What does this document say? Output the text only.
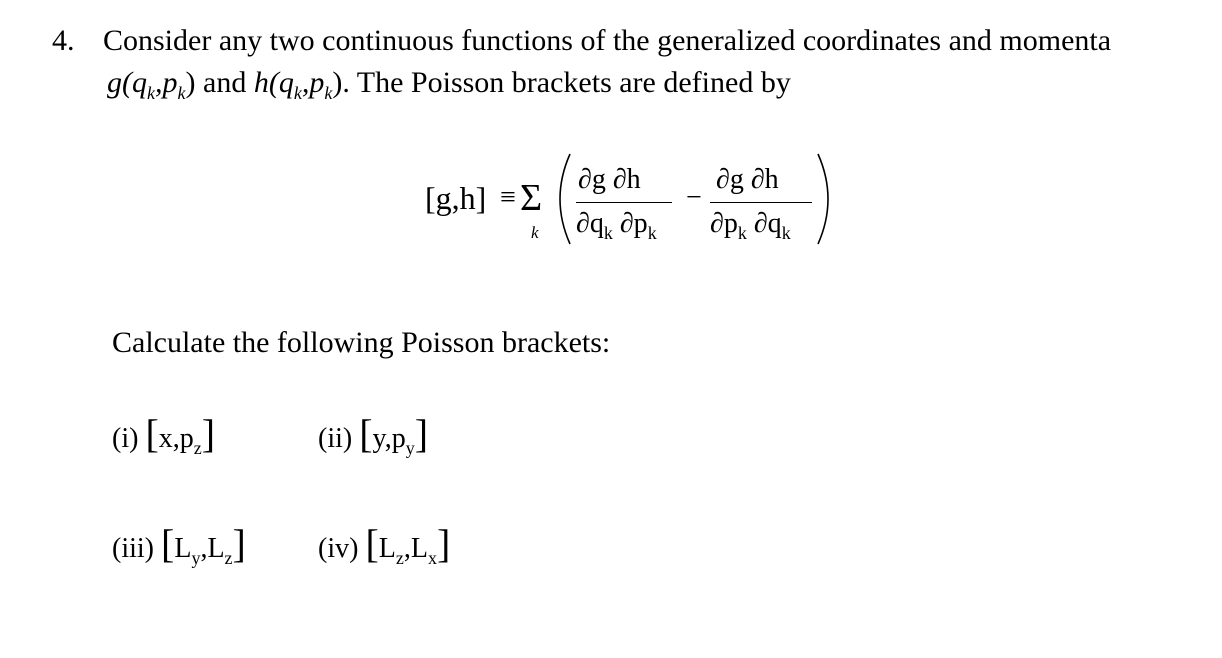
4. Consider any two continuous functions of the generalized coordinates and momenta
$g(q_k,p_k)$ and $h(q_k,p_k)$. The Poisson brackets are defined by
[g,h] ≡ Σ
k
∂g ∂h
$\partial q_k$ $\partial p_k$
−
∂g ∂h
$\partial p_k$ $\partial q_k$
Calculate the following Poisson brackets:
(i) $[x,p_z]$	(ii) $[y,p_y]$
(iii) $[L_y,L_z]$	(iv) $[L_z,L_x]$
